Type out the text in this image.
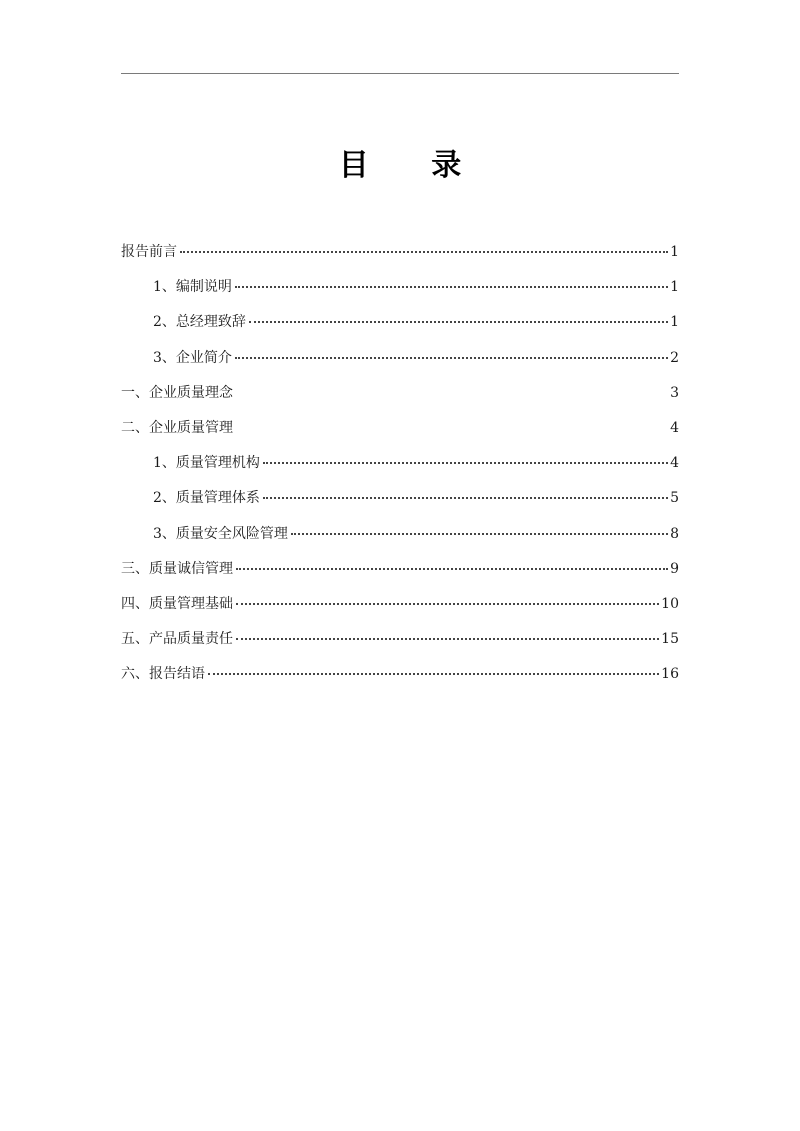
目 录
报告前言	1
1、编制说明	1
2、总经理致辞	1
3、企业简介	2
一、企业质量理念	3
二、企业质量管理	4
1、质量管理机构	4
2、质量管理体系	5
3、质量安全风险管理	8
三、质量诚信管理	9
四、质量管理基础	10
五、产品质量责任	15
六、报告结语	16
